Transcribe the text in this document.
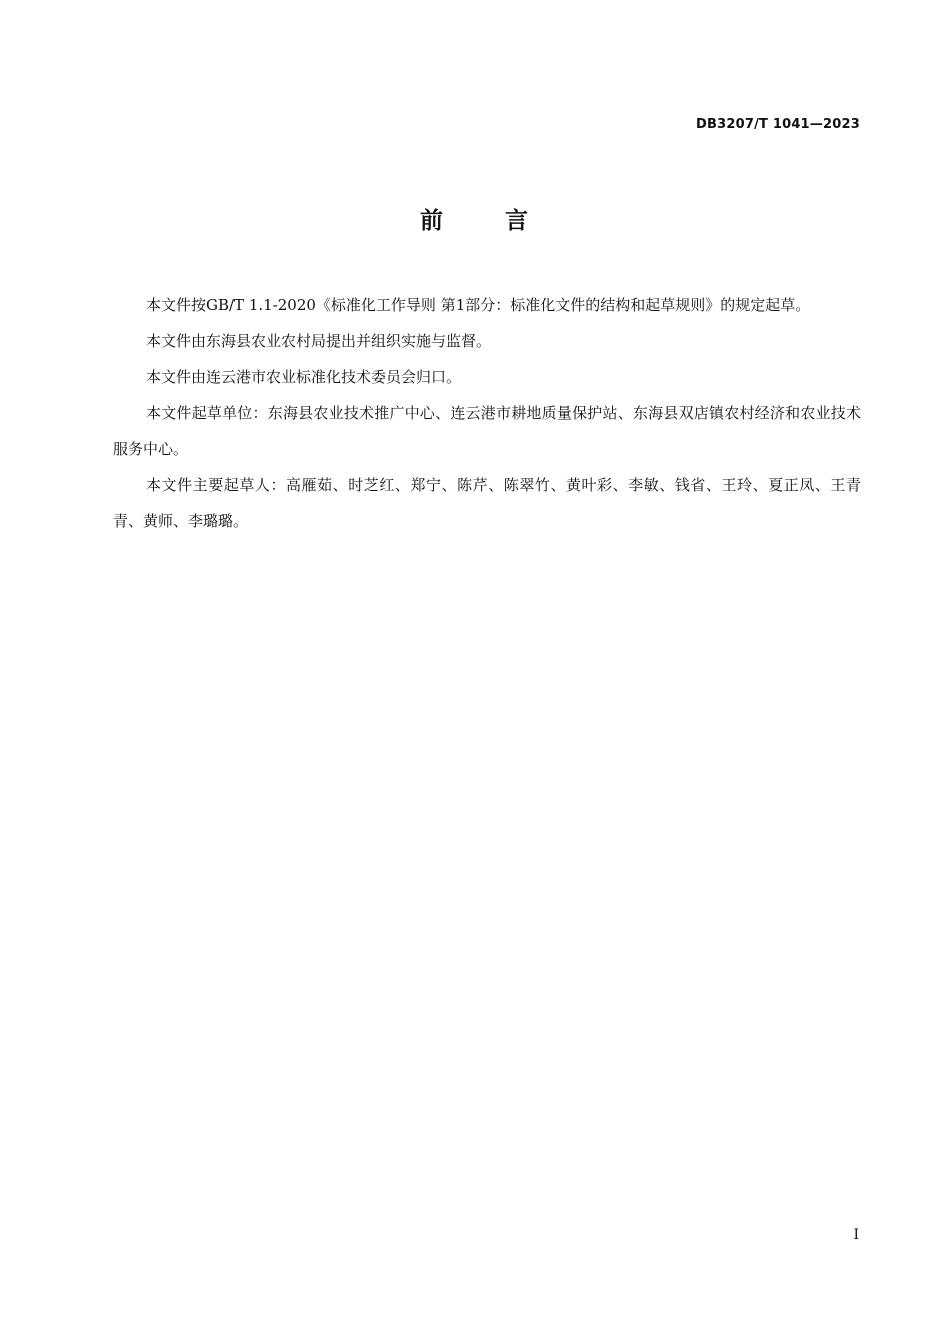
DB3207/T 1041—2023
前	言

本文件按GB/T 1.1-2020《标准化工作导则 第1部分：标准化文件的结构和起草规则》的规定起草。

本文件由东海县农业农村局提出并组织实施与监督。

本文件由连云港市农业标准化技术委员会归口。

本文件起草单位：东海县农业技术推广中心、连云港市耕地质量保护站、东海县双店镇农村经济和农业技术服务中心。

本文件主要起草人：高雁茹、时芝红、郑宁、陈芹、陈翠竹、黄叶彩、李敏、钱省、王玲、夏正凤、王青青、黄师、李璐璐。

I
